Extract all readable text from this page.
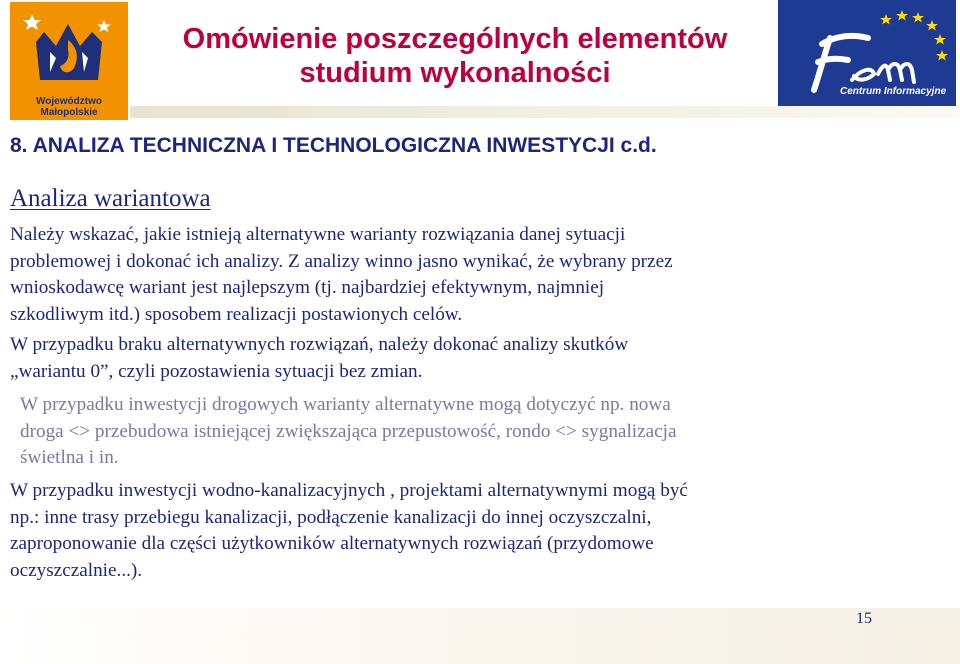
Województwo
Małopolskie
Omówienie poszczególnych elementów
studium wykonalności
Centrum Informacyjne
8. ANALIZA TECHNICZNA I TECHNOLOGICZNA INWESTYCJI c.d.
Analiza wariantowa
Należy wskazać, jakie istnieją alternatywne warianty rozwiązania danej sytuacji
problemowej i dokonać ich analizy. Z analizy winno jasno wynikać, że wybrany przez
wnioskodawcę wariant jest najlepszym (tj. najbardziej efektywnym, najmniej
szkodliwym itd.) sposobem realizacji postawionych celów.
W przypadku braku alternatywnych rozwiązań, należy dokonać analizy skutków
„wariantu 0”, czyli pozostawienia sytuacji bez zmian.
W przypadku inwestycji drogowych warianty alternatywne mogą dotyczyć np. nowa
droga <> przebudowa istniejącej zwiększająca przepustowość, rondo <> sygnalizacja
świetlna i in.
W przypadku inwestycji wodno-kanalizacyjnych , projektami alternatywnymi mogą być
np.: inne trasy przebiegu kanalizacji, podłączenie kanalizacji do innej oczyszczalni,
zaproponowanie dla części użytkowników alternatywnych rozwiązań (przydomowe
oczyszczalnie...).
15
